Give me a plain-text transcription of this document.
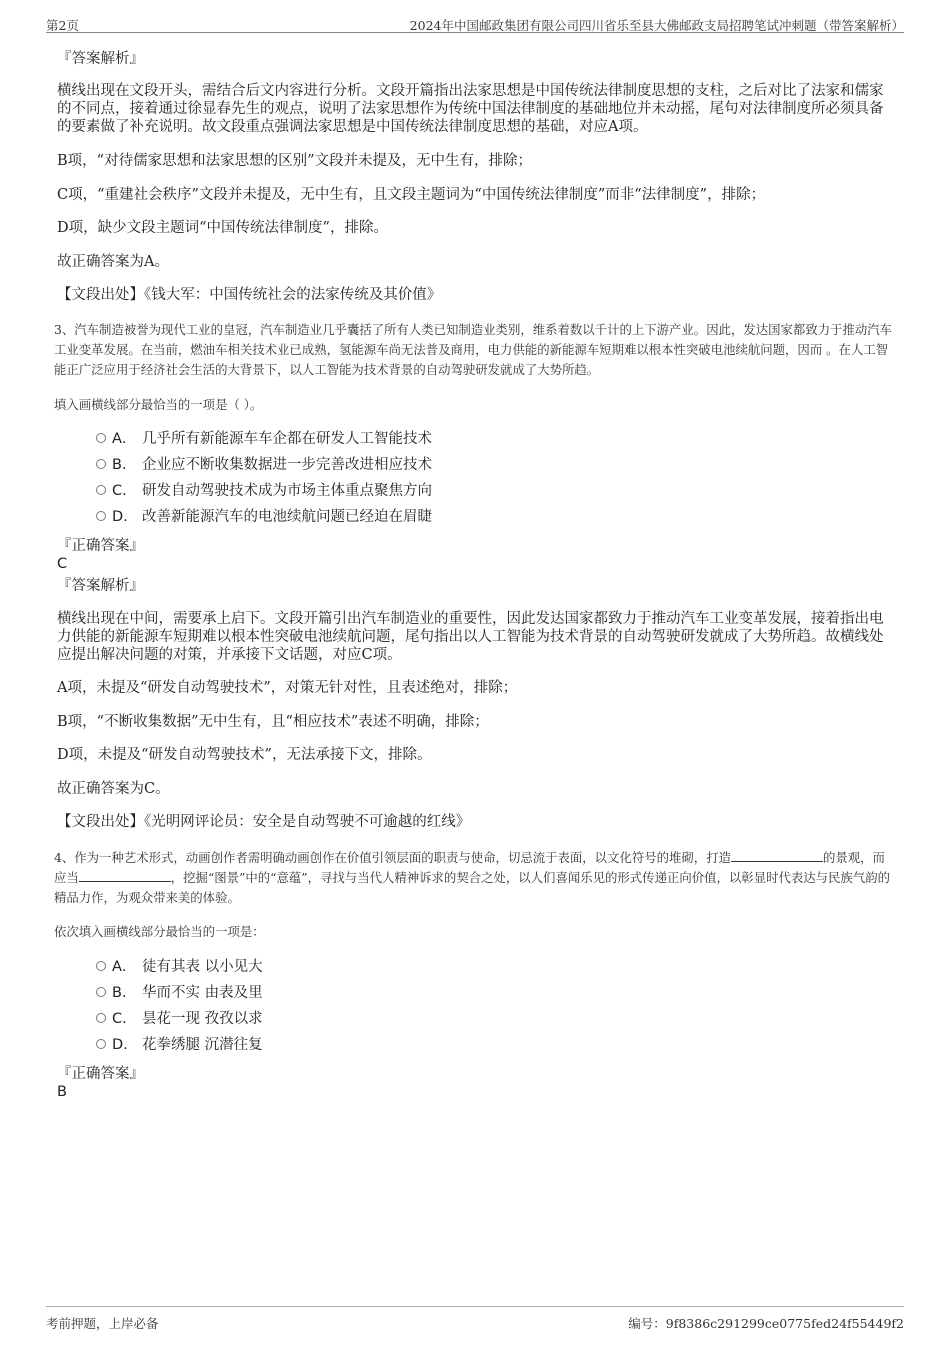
第2页	2024年中国邮政集团有限公司四川省乐至县大佛邮政支局招聘笔试冲刺题（带答案解析）
『答案解析』
横线出现在文段开头，需结合后文内容进行分析。文段开篇指出法家思想是中国传统法律制度思想的支柱，之后对比了法家和儒家的不同点，接着通过徐显春先生的观点，说明了法家思想作为传统中国法律制度的基础地位并未动摇，尾句对法律制度所必须具备的要素做了补充说明。故文段重点强调法家思想是中国传统法律制度思想的基础，对应A项。
B项，“对待儒家思想和法家思想的区别”文段并未提及，无中生有，排除；
C项，“重建社会秩序”文段并未提及，无中生有，且文段主题词为“中国传统法律制度”而非“法律制度”，排除；
D项，缺少文段主题词“中国传统法律制度”，排除。
故正确答案为A。
【文段出处】《钱大军：中国传统社会的法家传统及其价值》
3、汽车制造被誉为现代工业的皇冠，汽车制造业几乎囊括了所有人类已知制造业类别，维系着数以千计的上下游产业。因此，发达国家都致力于推动汽车工业变革发展。在当前，燃油车相关技术业已成熟，氢能源车尚无法普及商用，电力供能的新能源车短期难以根本性突破电池续航问题，因而 。在人工智能正广泛应用于经济社会生活的大背景下，以人工智能为技术背景的自动驾驶研发就成了大势所趋。
填入画横线部分最恰当的一项是（ ）。
A． 几乎所有新能源车车企都在研发人工智能技术
B. 企业应不断收集数据进一步完善改进相应技术
C. 研发自动驾驶技术成为市场主体重点聚焦方向
D. 改善新能源汽车的电池续航问题已经迫在眉睫
『正确答案』
C
『答案解析』
横线出现在中间，需要承上启下。文段开篇引出汽车制造业的重要性，因此发达国家都致力于推动汽车工业变革发展，接着指出电力供能的新能源车短期难以根本性突破电池续航问题，尾句指出以人工智能为技术背景的自动驾驶研发就成了大势所趋。故横线处应提出解决问题的对策，并承接下文话题，对应C项。
A项，未提及“研发自动驾驶技术”，对策无针对性，且表述绝对，排除；
B项，“不断收集数据”无中生有，且“相应技术”表述不明确，排除；
D项，未提及“研发自动驾驶技术”，无法承接下文，排除。
故正确答案为C。
【文段出处】《光明网评论员：安全是自动驾驶不可逾越的红线》
4、作为一种艺术形式，动画创作者需明确动画创作在价值引领层面的职责与使命，切忌流于表面，以文化符号的堆砌，打造	的景观，而应当	，挖掘“图景”中的“意蕴”，寻找与当代人精神诉求的契合之处，以人们喜闻乐见的形式传递正向价值，以彰显时代表达与民族气韵的精品力作，为观众带来美的体验。
依次填入画横线部分最恰当的一项是：
A． 徒有其表 以小见大
B. 华而不实 由表及里
C. 昙花一现 孜孜以求
D. 花拳绣腿 沉潜往复
『正确答案』
B
考前押题，上岸必备	编号：9f8386c291299ce0775fed24f55449f2
